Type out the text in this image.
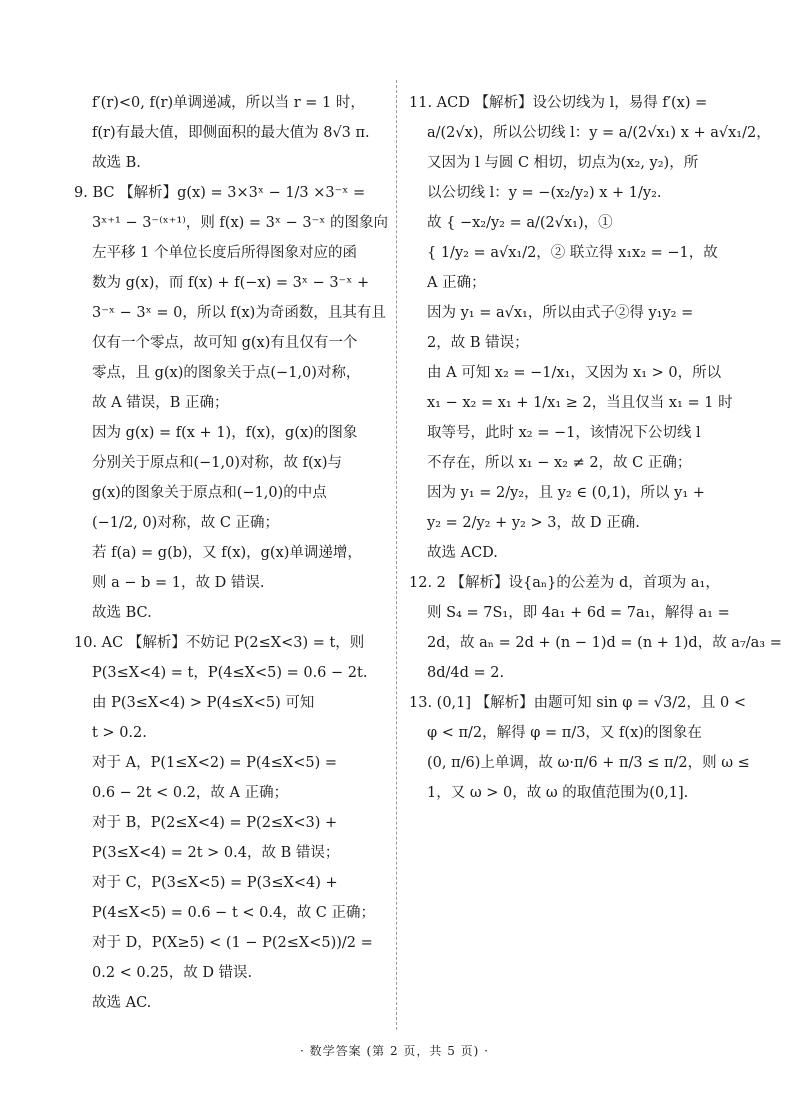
f′(r)<0, f(r)单调递减，所以当 r = 1 时，
f(r)有最大值，即侧面积的最大值为 8√3 π.
故选 B.
9. BC 【解析】g(x) = 3×3ˣ − 1/3 ×3⁻ˣ =
3ˣ⁺¹ − 3⁻⁽ˣ⁺¹⁾，则 f(x) = 3ˣ − 3⁻ˣ 的图象向
左平移 1 个单位长度后所得图象对应的函
数为 g(x)，而 f(x) + f(−x) = 3ˣ − 3⁻ˣ +
3⁻ˣ − 3ˣ = 0，所以 f(x)为奇函数，且其有且
仅有一个零点，故可知 g(x)有且仅有一个
零点，且 g(x)的图象关于点(−1,0)对称，
故 A 错误，B 正确；
因为 g(x) = f(x + 1)，f(x)，g(x)的图象
分别关于原点和(−1,0)对称，故 f(x)与
g(x)的图象关于原点和(−1,0)的中点
(−1/2, 0)对称，故 C 正确；
若 f(a) = g(b)，又 f(x)，g(x)单调递增，
则 a − b = 1，故 D 错误.
故选 BC.
10. AC 【解析】不妨记 P(2≤X<3) = t，则
P(3≤X<4) = t，P(4≤X<5) = 0.6 − 2t.
由 P(3≤X<4) > P(4≤X<5) 可知
t > 0.2.
对于 A，P(1≤X<2) = P(4≤X<5) =
0.6 − 2t < 0.2，故 A 正确；
对于 B，P(2≤X<4) = P(2≤X<3) +
P(3≤X<4) = 2t > 0.4，故 B 错误；
对于 C，P(3≤X<5) = P(3≤X<4) +
P(4≤X<5) = 0.6 − t < 0.4，故 C 正确；
对于 D，P(X≥5) < (1 − P(2≤X<5))/2 =
0.2 < 0.25，故 D 错误.
故选 AC.
11. ACD 【解析】设公切线为 l，易得 f′(x) =
a/(2√x)，所以公切线 l：y = a/(2√x₁) x + a√x₁/2，
又因为 l 与圆 C 相切，切点为(x₂, y₂)，所
以公切线 l：y = −(x₂/y₂) x + 1/y₂.
故 { −x₂/y₂ = a/(2√x₁)，①
{ 1/y₂ = a√x₁/2，② 联立得 x₁x₂ = −1，故
A 正确；
因为 y₁ = a√x₁，所以由式子②得 y₁y₂ =
2，故 B 错误；
由 A 可知 x₂ = −1/x₁，又因为 x₁ > 0，所以
x₁ − x₂ = x₁ + 1/x₁ ≥ 2，当且仅当 x₁ = 1 时
取等号，此时 x₂ = −1，该情况下公切线 l
不存在，所以 x₁ − x₂ ≠ 2，故 C 正确；
因为 y₁ = 2/y₂，且 y₂ ∈ (0,1)，所以 y₁ +
y₂ = 2/y₂ + y₂ > 3，故 D 正确.
故选 ACD.
12. 2 【解析】设{aₙ}的公差为 d，首项为 a₁，
则 S₄ = 7S₁，即 4a₁ + 6d = 7a₁，解得 a₁ =
2d，故 aₙ = 2d + (n − 1)d = (n + 1)d，故 a₇/a₃ =
8d/4d = 2.
13. (0,1] 【解析】由题可知 sin φ = √3/2，且 0 <
φ < π/2，解得 φ = π/3，又 f(x)的图象在
(0, π/6)上单调，故 ω·π/6 + π/3 ≤ π/2，则 ω ≤
1，又 ω > 0，故 ω 的取值范围为(0,1].
· 数学答案 (第 2 页，共 5 页) ·
